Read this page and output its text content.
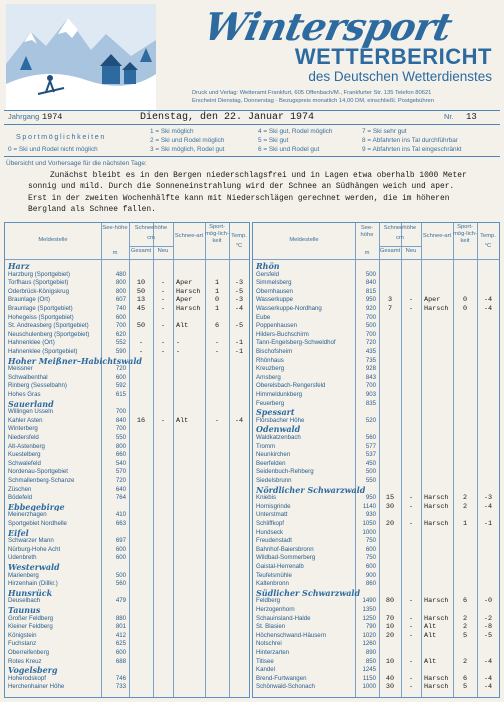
Wintersport
WETTERBERICHT
des Deutschen Wetterdienstes
Druck und Verlag: Wetteramt Frankfurt, 605 Offenbach/M., Frankfurter Str. 135 Telefon 80621
Erscheint Dienstag, Donnerstag · Bezugspreis monatlich 14,00 DM, einschließl. Postgebühren
Jahrgang 1974	Dienstag, den 22. Januar 1974	Nr. 13
Sportmöglichkeiten
0 = Ski und Rodel nicht möglich
1 = Ski möglich	4 = Ski gut, Rodel möglich	7 = Ski sehr gut
2 = Ski und Rodel möglich	5 = Ski gut	8 = Abfahrten ins Tal durchführbar
3 = Ski möglich, Rodel gut	6 = Ski und Rodel gut	9 = Abfahrten ins Tal eingeschränkt
Übersicht und Vorhersage für die nächsten Tage:
Zunächst bleibt es in den Bergen niederschlagsfrei und in Lagen etwa oberhalb 1000 Meter
sonnig und mild. Durch die Sonneneinstrahlung wird der Schnee an Südhängen weich und aper.
Erst in der zweiten Wochenhälfte kann mit Niederschlägen gerechnet werden, die im höheren
Bergland als Schnee fallen.
Meldestelle
See-höhe	Schneehöhe
Schnee-art
Sport-mög-lich-keit
Temp.
cm
Gesamt	Neu
m
°C
Harz
Harzburg (Sportgebiet)	480
Torfhaus (Sportgebiet)	800	10	-	Aper	1	-3
Oderbrück-Königskrug	800	50	-	Harsch	1	-5
Braunlage (Ort)	607	13	-	Aper	0	-3
Braunlage (Sportgebiet)	740	45	-	Harsch	1	-4
Hohegeiss (Sportgebiet)	600
St. Andreasberg (Sportgebiet)	700	50	-	Alt	6	-5
Neuschulenberg (Sportgebiet)	620
Hahnenklee (Ort)	552	-	-	-	-	-1
Hahnenklee (Sportgebiet)	590	-	-	-	-	-1
Hoher Meißner–Habichtswald
Meissner	720
Schwalbenthal	600
Rinberg (Sesselbahn)	592
Hohes Gras	615
Sauerland
Willingen Usseln	700
Kahler Asten	840	16	-	Alt	-	-4
Winterberg	700
Niedersfeld	550
Alt-Astenberg	800
Kuestelberg	660
Schwalefeld	540
Nordenau-Sportgebiet	570
Schmallenberg-Schanze	720
Züschen	640
Bödefeld	764
Ebbegebirge
Meinerzhagen	410
Sportgebiet Nordhelle	663
Eifel
Schwarzer Mann	697
Nürburg-Hohe Acht	600
Udenbreth	600
Westerwald
Marienberg	500
Hirzenhain (Dillkr.)	560
Hunsrück
Deuselbach	479
Taunus
Großer Feldberg	880
Kleiner Feldberg	801
Königstein	412
Fuchstanz	625
Oberreifenberg	600
Rotes Kreuz	688
Vogelsberg
Hoherodskopf	746
Herchenhainer Höhe	733
Meldestelle
See-höhe
Schneehöhe
Schnee-art
Sport-mög-lich-keit
Temp.
cm
Gesamt Neu
m
°C
Rhön
Gersfeld	500
Simmelsberg	840
Obernhausen	815
Wasserkuppe	950	3	-	Aper	0	-4
Wasserkuppe-Nordhang	920	7	-	Harsch	0	-4
Eube	700
Poppenhausen	500
Hilders-Buchschirm	700
Tann-Engelsberg-Schweldhof	720
Bischofsheim	435
Rhönhaus	735
Kreuzberg	928
Arnsberg	843
Oberelsbach-Rengersfeld	700
Himmeldunkberg	903
Feuerberg	835
Spessart
Flörsbacher Höhe	520
Odenwald
Waldkatzenbach	560
Tromm	577
Neunkirchen	537
Beerfelden	450
Seidenbuch-Rehberg	500
Siedelsbrunn	550
Nördlicher Schwarzwald
Kniebis	950	15	-	Harsch	2	-3
Hornisgrinde	1140	30	-	Harsch	2	-4
Unterstmatt	930
Schliffkopf	1050	20	-	Harsch	1	-1
Hundseck	1000
Freudenstadt	750
Bahnhof-Baiersbronn	600
Wildbad-Sommerberg	750
Gaistal-Herrenalb	600
Teufelsmühle	900
Kaltenbronn	860
Südlicher Schwarzwald
Feldberg	1490	80	-	Harsch	6	-0
Herzogenhorn	1350
Schauinsland-Halde	1250	70	-	Harsch	2	-2
St. Blasien	790	10	-	Alt	2	-8
Höchenschwand-Häusern	1020	20	-	Alt	5	-5
Notschrei	1260
Hinterzarten	890
Titisee	850	10	-	Alt	2	-4
Kandel	1245
Brend-Furtwangen	1150	40	-	Harsch	6	-4
Schönwald-Schonach	1000	30	-	Harsch	5	-4
